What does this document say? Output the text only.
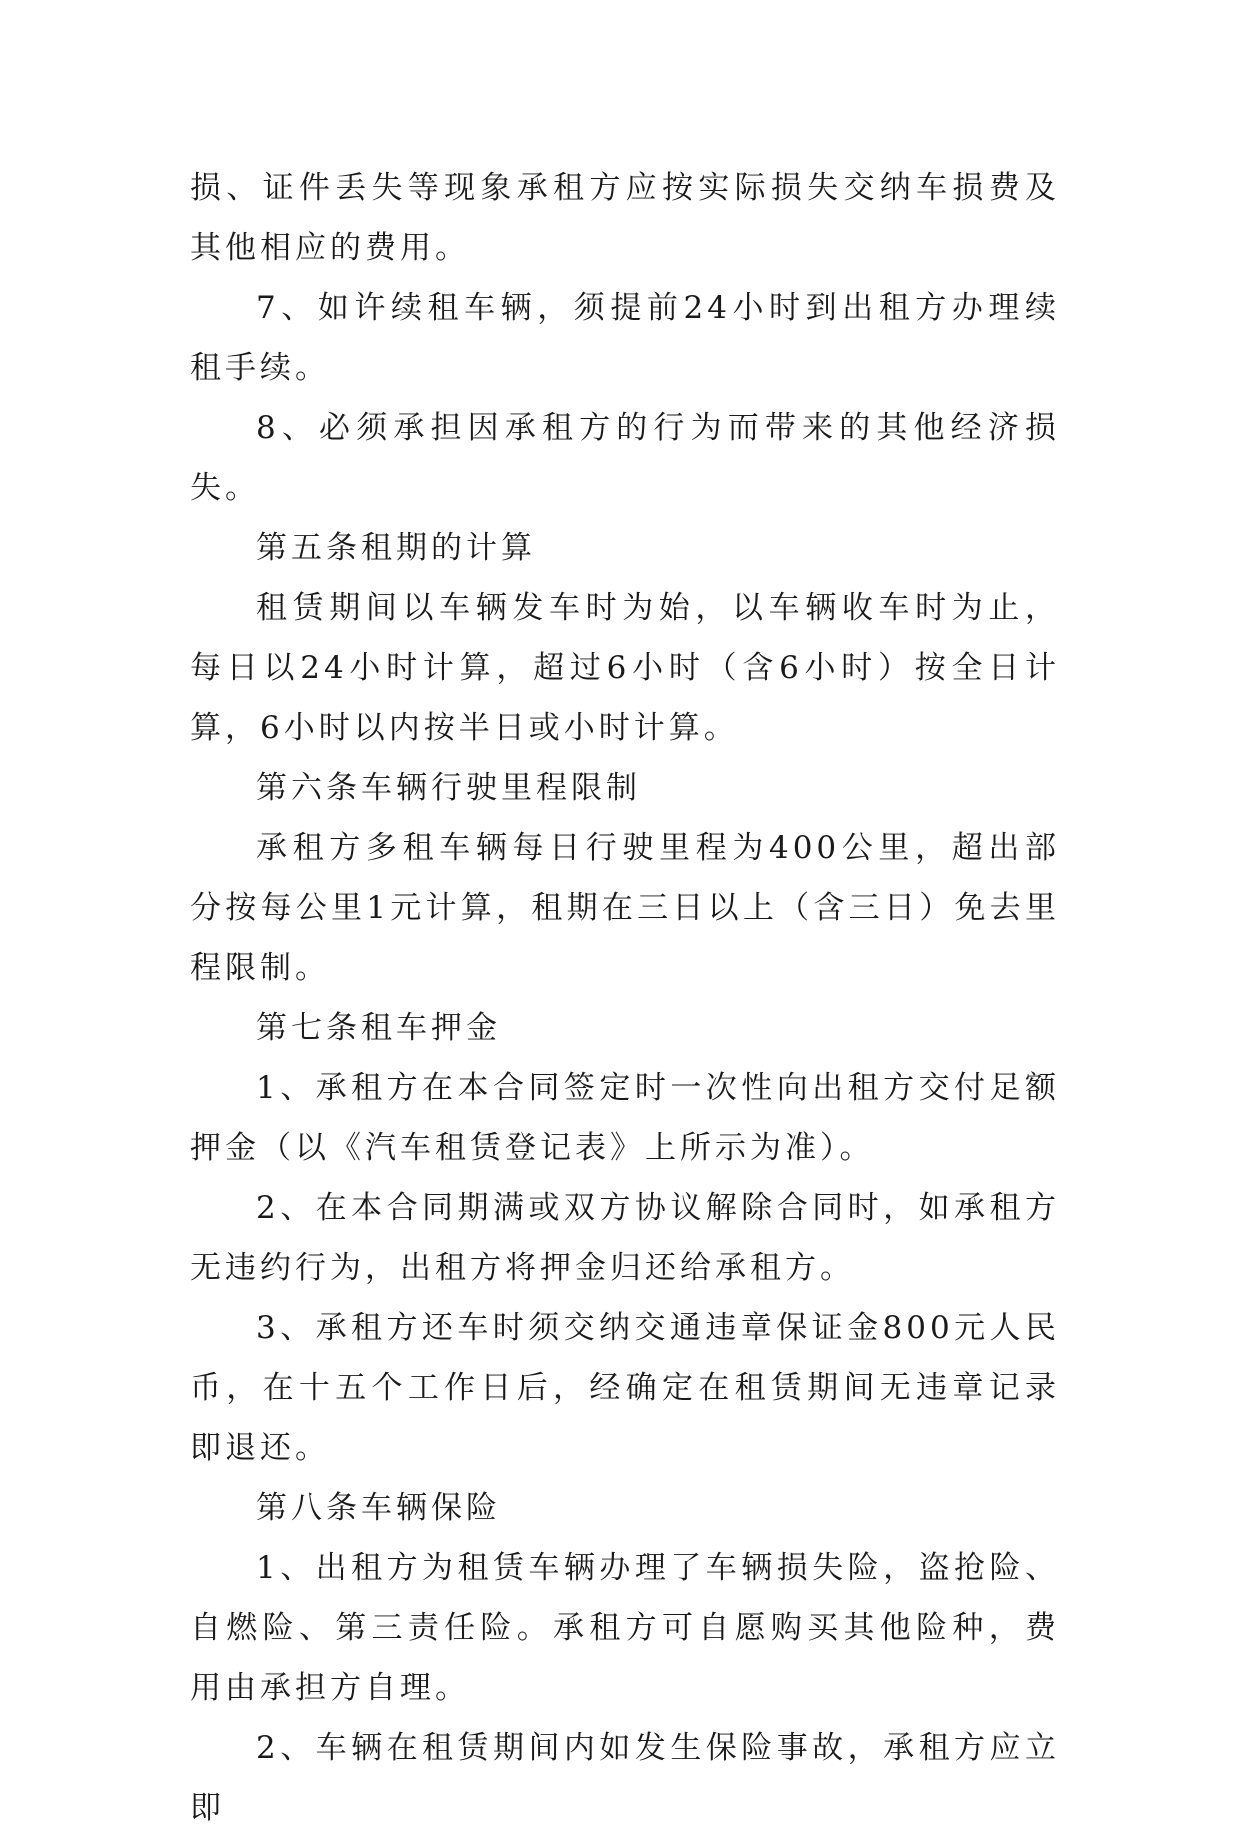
损、证件丢失等现象承租方应按实际损失交纳车损费及其他相应的费用。

7、如许续租车辆，须提前24小时到出租方办理续租手续。

8、必须承担因承租方的行为而带来的其他经济损失。

第五条租期的计算

租赁期间以车辆发车时为始，以车辆收车时为止，每日以24小时计算，超过6小时（含6小时）按全日计算，6小时以内按半日或小时计算。

第六条车辆行驶里程限制

承租方多租车辆每日行驶里程为400公里，超出部分按每公里1元计算，租期在三日以上（含三日）免去里程限制。

第七条租车押金

1、承租方在本合同签定时一次性向出租方交付足额押金（以《汽车租赁登记表》上所示为准）。

2、在本合同期满或双方协议解除合同时，如承租方无违约行为，出租方将押金归还给承租方。

3、承租方还车时须交纳交通违章保证金800元人民币，在十五个工作日后，经确定在租赁期间无违章记录即退还。

第八条车辆保险

1、出租方为租赁车辆办理了车辆损失险，盗抢险、自燃险、第三责任险。承租方可自愿购买其他险种，费用由承担方自理。

2、车辆在租赁期间内如发生保险事故，承租方应立即
